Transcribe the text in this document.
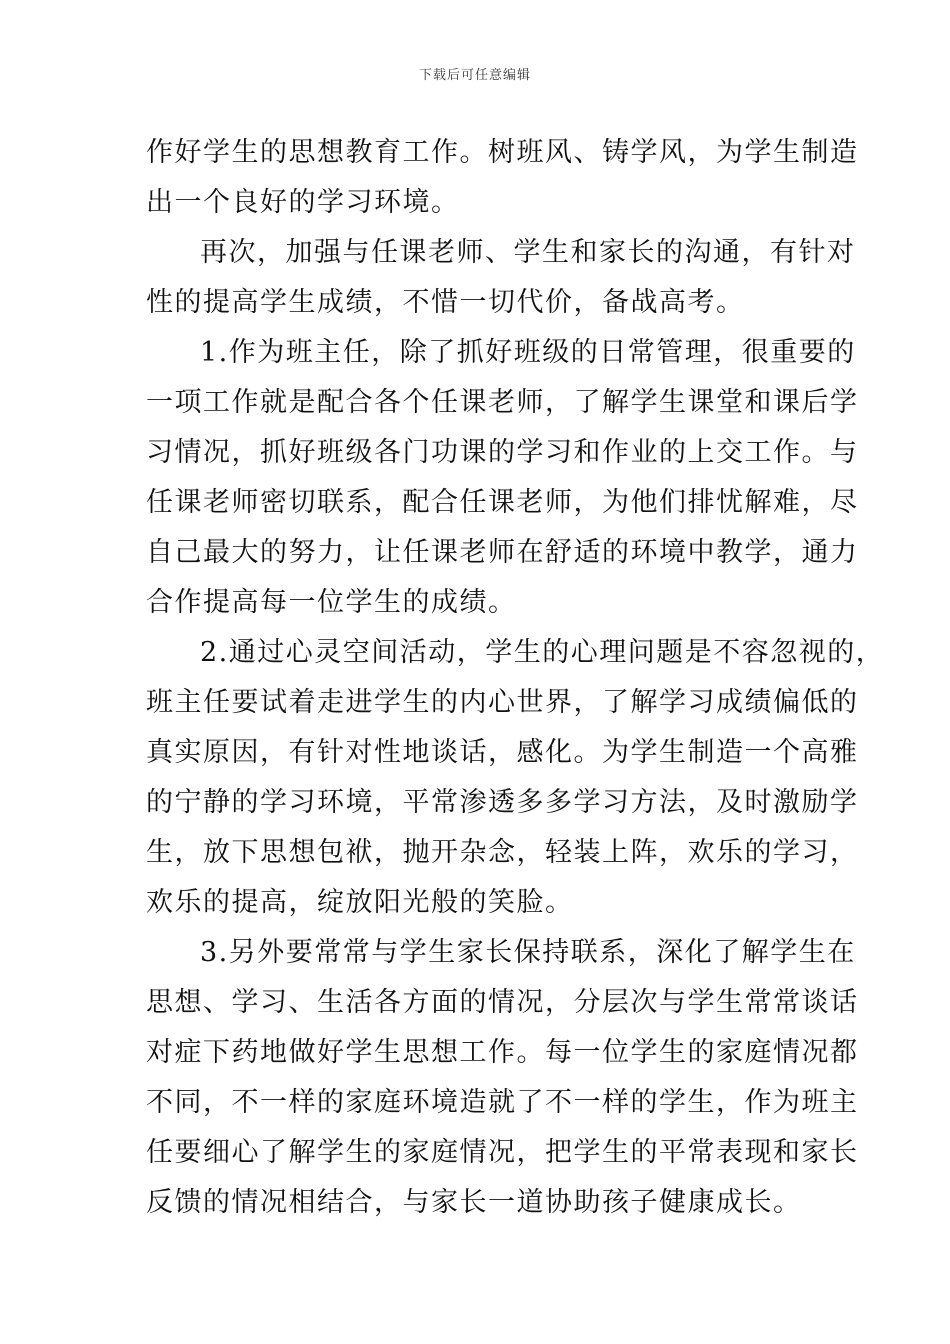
下载后可任意编辑
作好学生的思想教育工作。树班风、铸学风，为学生制造
出一个良好的学习环境。
再次，加强与任课老师、学生和家长的沟通，有针对
性的提高学生成绩，不惜一切代价，备战高考。
1.作为班主任，除了抓好班级的日常管理，很重要的
一项工作就是配合各个任课老师，了解学生课堂和课后学
习情况，抓好班级各门功课的学习和作业的上交工作。与
任课老师密切联系，配合任课老师，为他们排忧解难，尽
自己最大的努力，让任课老师在舒适的环境中教学，通力
合作提高每一位学生的成绩。
2.通过心灵空间活动，学生的心理问题是不容忽视的，
班主任要试着走进学生的内心世界，了解学习成绩偏低的
真实原因，有针对性地谈话，感化。为学生制造一个高雅
的宁静的学习环境，平常渗透多多学习方法，及时激励学
生，放下思想包袱，抛开杂念，轻装上阵，欢乐的学习，
欢乐的提高，绽放阳光般的笑脸。
3.另外要常常与学生家长保持联系，深化了解学生在
思想、学习、生活各方面的情况，分层次与学生常常谈话
对症下药地做好学生思想工作。每一位学生的家庭情况都
不同，不一样的家庭环境造就了不一样的学生，作为班主
任要细心了解学生的家庭情况，把学生的平常表现和家长
反馈的情况相结合，与家长一道协助孩子健康成长。
